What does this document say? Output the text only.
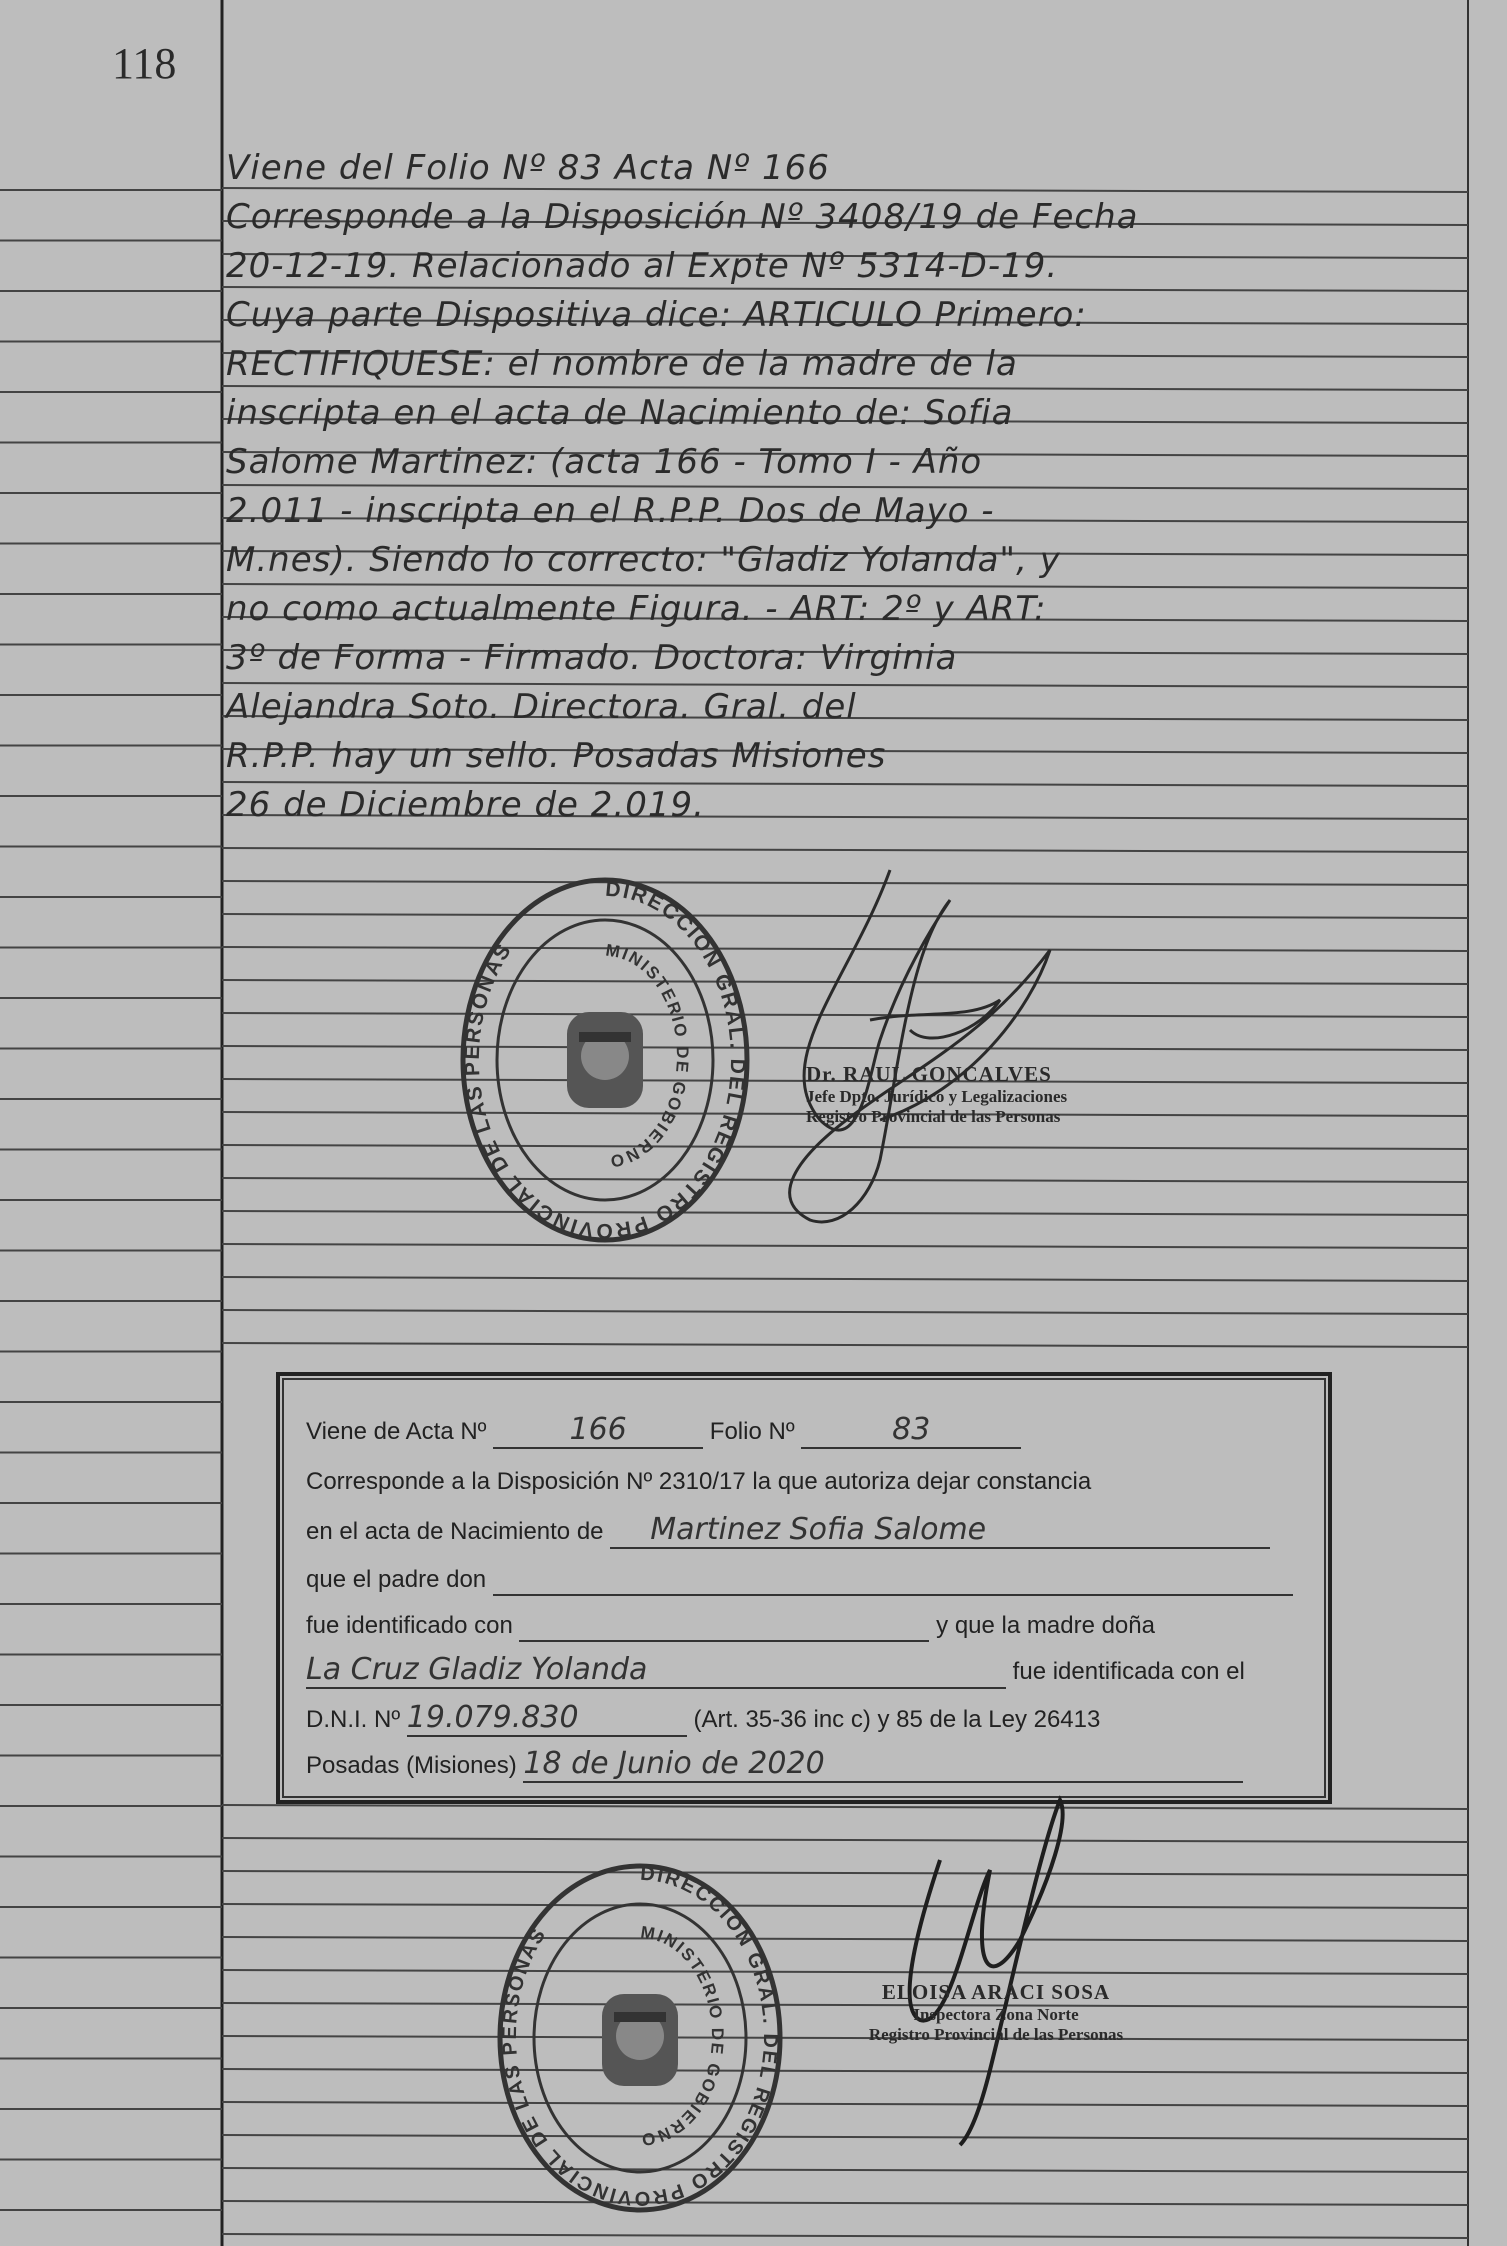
118
Viene del Folio Nº 83 Acta Nº 166
Corresponde a la Disposición Nº 3408/19 de Fecha
20-12-19. Relacionado al Expte Nº 5314-D-19.
Cuya parte Dispositiva dice: ARTICULO Primero:
RECTIFIQUESE: el nombre de la madre de la
inscripta en el acta de Nacimiento de: Sofia
Salome Martinez: (acta 166 - Tomo I - Año
2.011 - inscripta en el R.P.P. Dos de Mayo -
M.nes). Siendo lo correcto: "Gladiz Yolanda", y
no como actualmente Figura. - ART: 2º y ART:
3º de Forma - Firmado. Doctora: Virginia
Alejandra Soto. Directora. Gral. del
R.P.P. hay un sello. Posadas Misiones
26 de Diciembre de 2.019.
DIRECCION GRAL. DEL REGISTRO PROVINCIAL DE LAS PERSONAS	MINISTERIO DE GOBIERNO
Dr. RAUL GONCALVES
Jefe Dpto. Jurídico y Legalizaciones
Registro Provincial de las Personas
Viene de Acta Nº	166	Folio Nº	83
Corresponde a la Disposición Nº 2310/17 la que autoriza dejar constancia
en el acta de Nacimiento de Martinez Sofia Salome
que el padre don
fue identificado con	y que la madre doña
La Cruz Gladiz Yolanda	fue identificada con el
D.N.I. Nº 19.079.830	(Art. 35-36 inc c) y 85 de la Ley 26413
Posadas (Misiones) 18 de Junio de 2020
DIRECCION GRAL. DEL REGISTRO PROVINCIAL DE LAS PERSONAS	MINISTERIO DE GOBIERNO
ELOISA ARACI SOSA
Inspectora Zona Norte
Registro Provincial de las Personas
